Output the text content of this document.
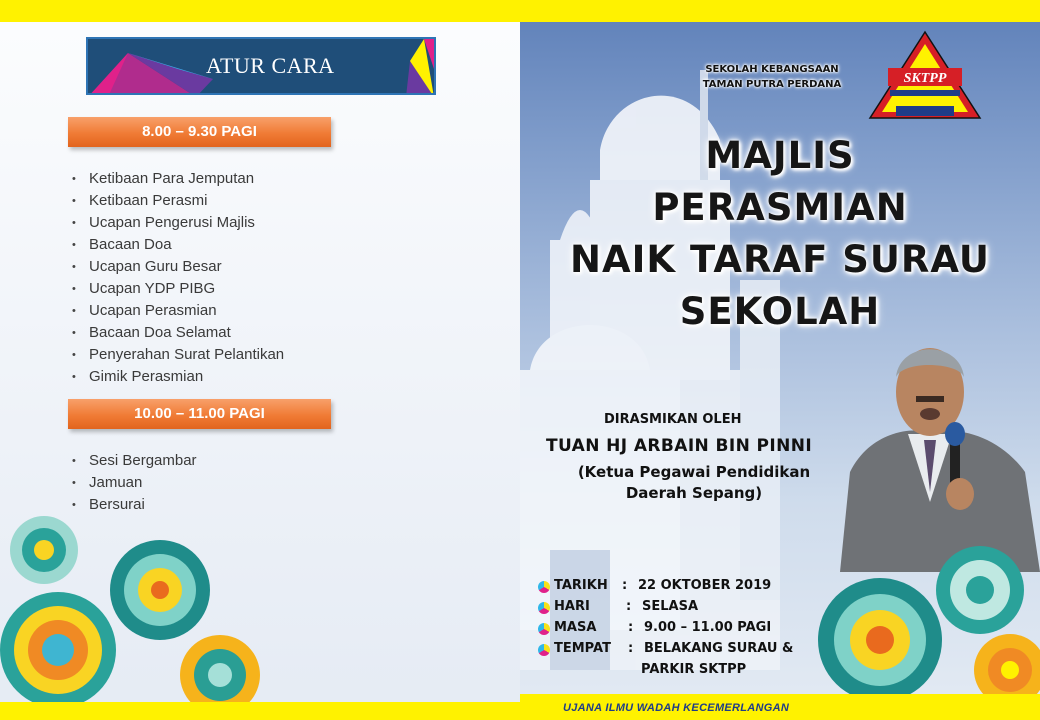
ATUR CARA
8.00 – 9.30 PAGI
• Ketibaan Para Jemputan
• Ketibaan Perasmi
• Ucapan Pengerusi Majlis
• Bacaan Doa
• Ucapan Guru Besar
• Ucapan YDP PIBG
• Ucapan Perasmian
• Bacaan Doa Selamat
• Penyerahan Surat Pelantikan
• Gimik Perasmian
10.00 – 11.00 PAGI
• Sesi Bergambar
• Jamuan
• Bersurai
SEKOLAH KEBANGSAAN
TAMAN PUTRA PERDANA	SKTPP
MAJLIS
PERASMIAN
NAIK TARAF SURAU
SEKOLAH
DIRASMIKAN OLEH
TUAN HJ ARBAIN BIN PINNI
(Ketua Pegawai Pendidikan
Daerah Sepang)
TARIKH : 22 OKTOBER 2019
HARI	: SELASA
MASA : 9.00 – 11.00 PAGI
TEMPAT : BELAKANG SURAU &
PARKIR SKTPP
UJANA ILMU WADAH KECEMERLANGAN
